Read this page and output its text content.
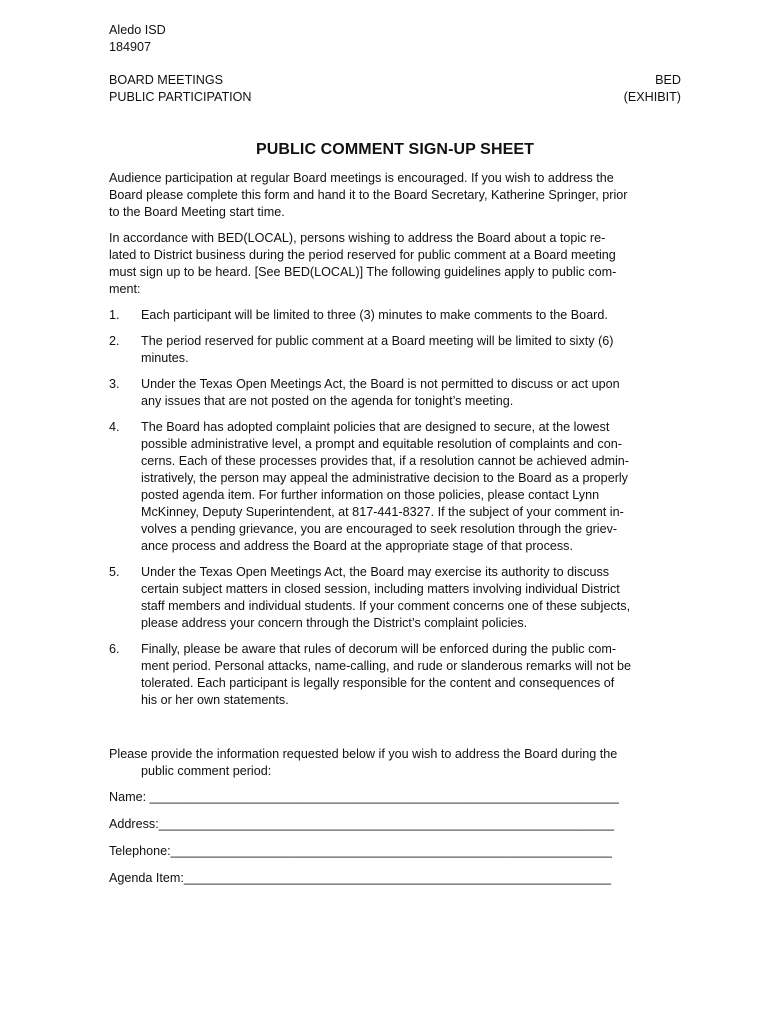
Aledo ISD
184907
BOARD MEETINGS
PUBLIC PARTICIPATION
BED
(EXHIBIT)
PUBLIC COMMENT SIGN-UP SHEET
Audience participation at regular Board meetings is encouraged. If you wish to address the
Board please complete this form and hand it to the Board Secretary, Katherine Springer, prior
to the Board Meeting start time.
In accordance with BED(LOCAL), persons wishing to address the Board about a topic re-
lated to District business during the period reserved for public comment at a Board meeting
must sign up to be heard. [See BED(LOCAL)] The following guidelines apply to public com-
ment:
1.	Each participant will be limited to three (3) minutes to make comments to the Board.
2.	The period reserved for public comment at a Board meeting will be limited to sixty (6)
minutes.
3.	Under the Texas Open Meetings Act, the Board is not permitted to discuss or act upon
any issues that are not posted on the agenda for tonight’s meeting.
4.	The Board has adopted complaint policies that are designed to secure, at the lowest
possible administrative level, a prompt and equitable resolution of complaints and con-
cerns. Each of these processes provides that, if a resolution cannot be achieved admin-
istratively, the person may appeal the administrative decision to the Board as a properly
posted agenda item. For further information on those policies, please contact Lynn
McKinney, Deputy Superintendent, at 817-441-8327. If the subject of your comment in-
volves a pending grievance, you are encouraged to seek resolution through the griev-
ance process and address the Board at the appropriate stage of that process.
5.	Under the Texas Open Meetings Act, the Board may exercise its authority to discuss
certain subject matters in closed session, including matters involving individual District
staff members and individual students. If your comment concerns one of these subjects,
please address your concern through the District’s complaint policies.
6.	Finally, please be aware that rules of decorum will be enforced during the public com-
ment period. Personal attacks, name-calling, and rude or slanderous remarks will not be
tolerated. Each participant is legally responsible for the content and consequences of
his or her own statements.
Please provide the information requested below if you wish to address the Board during the
public comment period:
Name: ___________________________________________________________________
Address:_________________________________________________________________
Telephone:_______________________________________________________________
Agenda Item:_____________________________________________________________
